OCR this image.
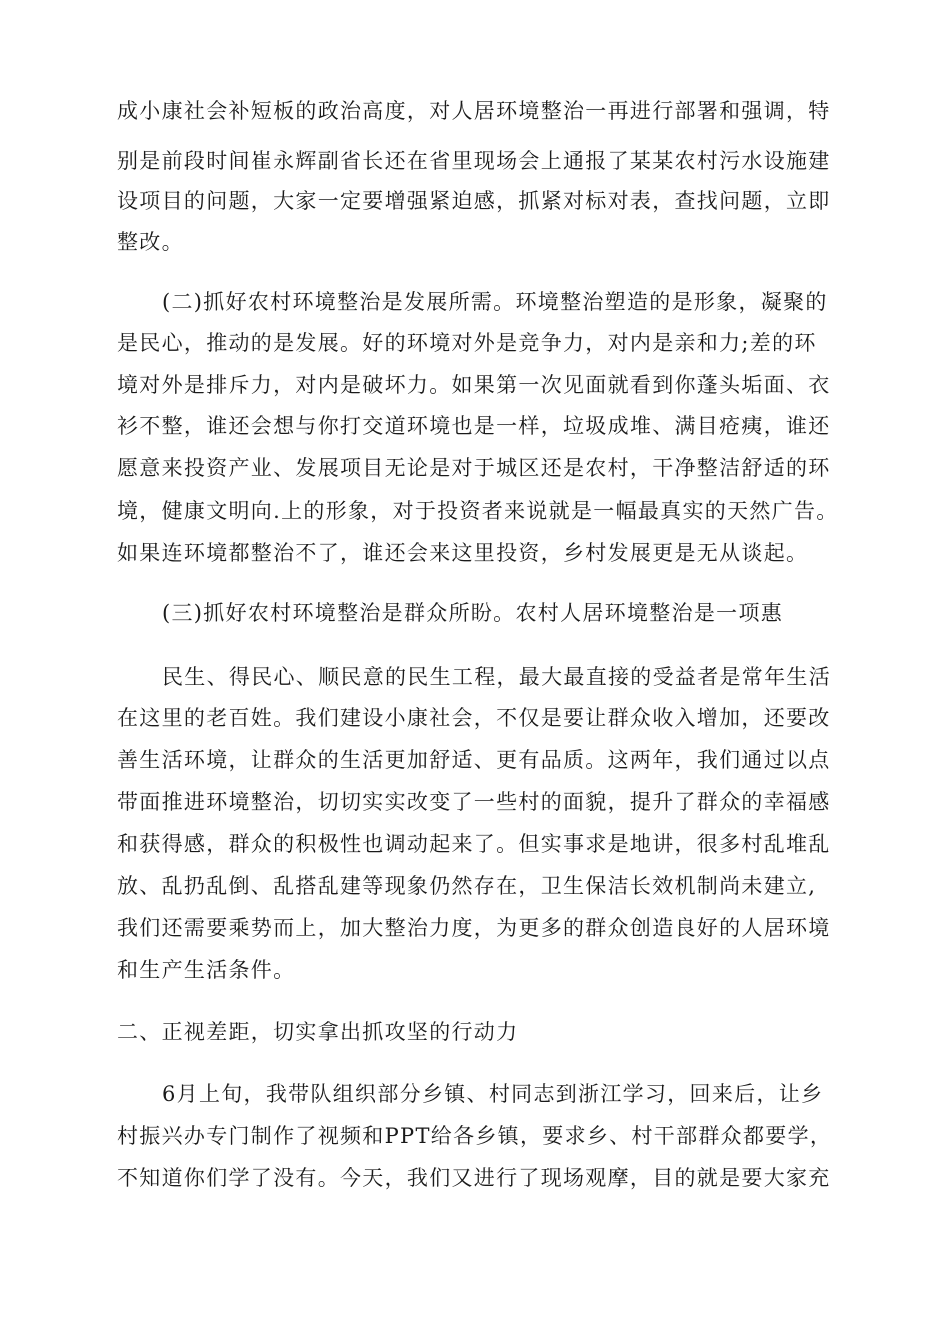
成小康社会补短板的政治高度，对人居环境整治一再进行部署和强调，特
别是前段时间崔永辉副省长还在省里现场会上通报了某某农村污水设施建
设项目的问题，大家一定要增强紧迫感，抓紧对标对表，查找问题，立即
整改。
(二)抓好农村环境整治是发展所需。环境整治塑造的是形象，凝聚的
是民心，推动的是发展。好的环境对外是竞争力，对内是亲和力;差的环
境对外是排斥力，对内是破坏力。如果第一次见面就看到你蓬头垢面、衣
衫不整，谁还会想与你打交道环境也是一样，垃圾成堆、满目疮痍，谁还
愿意来投资产业、发展项目无论是对于城区还是农村，干净整洁舒适的环
境，健康文明向.上的形象，对于投资者来说就是一幅最真实的天然广告。
如果连环境都整治不了，谁还会来这里投资，乡村发展更是无从谈起。
(三)抓好农村环境整治是群众所盼。农村人居环境整治是一项惠
民生、得民心、顺民意的民生工程，最大最直接的受益者是常年生活
在这里的老百姓。我们建设小康社会，不仅是要让群众收入增加，还要改
善生活环境，让群众的生活更加舒适、更有品质。这两年，我们通过以点
带面推进环境整治，切切实实改变了一些村的面貌，提升了群众的幸福感
和获得感，群众的积极性也调动起来了。但实事求是地讲，很多村乱堆乱
放、乱扔乱倒、乱搭乱建等现象仍然存在，卫生保洁长效机制尚未建立,
我们还需要乘势而上，加大整治力度，为更多的群众创造良好的人居环境
和生产生活条件。
二、正视差距，切实拿出抓攻坚的行动力
6月上旬，我带队组织部分乡镇、村同志到浙江学习，回来后，让乡
村振兴办专门制作了视频和PPT给各乡镇，要求乡、村干部群众都要学，
不知道你们学了没有。今天，我们又进行了现场观摩，目的就是要大家充
